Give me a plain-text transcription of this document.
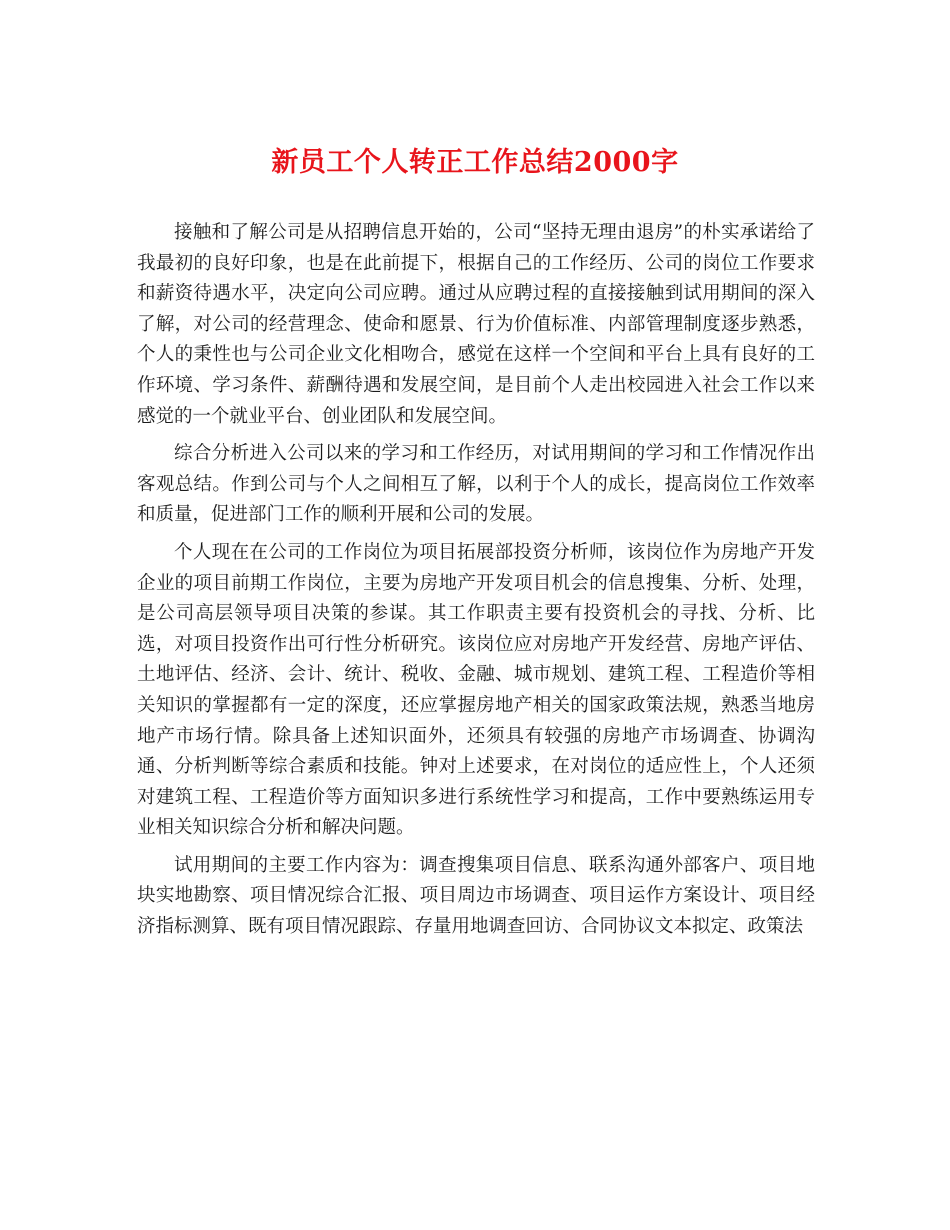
新员工个人转正工作总结2000字

接触和了解公司是从招聘信息开始的，公司“坚持无理由退房”的朴实承诺给了我最初的良好印象，也是在此前提下，根据自己的工作经历、公司的岗位工作要求和薪资待遇水平，决定向公司应聘。通过从应聘过程的直接接触到试用期间的深入了解，对公司的经营理念、使命和愿景、行为价值标准、内部管理制度逐步熟悉，个人的秉性也与公司企业文化相吻合，感觉在这样一个空间和平台上具有良好的工作环境、学习条件、薪酬待遇和发展空间，是目前个人走出校园进入社会工作以来感觉的一个就业平台、创业团队和发展空间。

综合分析进入公司以来的学习和工作经历，对试用期间的学习和工作情况作出客观总结。作到公司与个人之间相互了解，以利于个人的成长，提高岗位工作效率和质量，促进部门工作的顺利开展和公司的发展。

个人现在在公司的工作岗位为项目拓展部投资分析师，该岗位作为房地产开发企业的项目前期工作岗位，主要为房地产开发项目机会的信息搜集、分析、处理，是公司高层领导项目决策的参谋。其工作职责主要有投资机会的寻找、分析、比选，对项目投资作出可行性分析研究。该岗位应对房地产开发经营、房地产评估、土地评估、经济、会计、统计、税收、金融、城市规划、建筑工程、工程造价等相关知识的掌握都有一定的深度，还应掌握房地产相关的国家政策法规，熟悉当地房地产市场行情。除具备上述知识面外，还须具有较强的房地产市场调查、协调沟通、分析判断等综合素质和技能。钟对上述要求，在对岗位的适应性上，个人还须对建筑工程、工程造价等方面知识多进行系统性学习和提高，工作中要熟练运用专业相关知识综合分析和解决问题。

试用期间的主要工作内容为：调查搜集项目信息、联系沟通外部客户、项目地块实地勘察、项目情况综合汇报、项目周边市场调查、项目运作方案设计、项目经济指标测算、既有项目情况跟踪、存量用地调查回访、合同协议文本拟定、政策法
